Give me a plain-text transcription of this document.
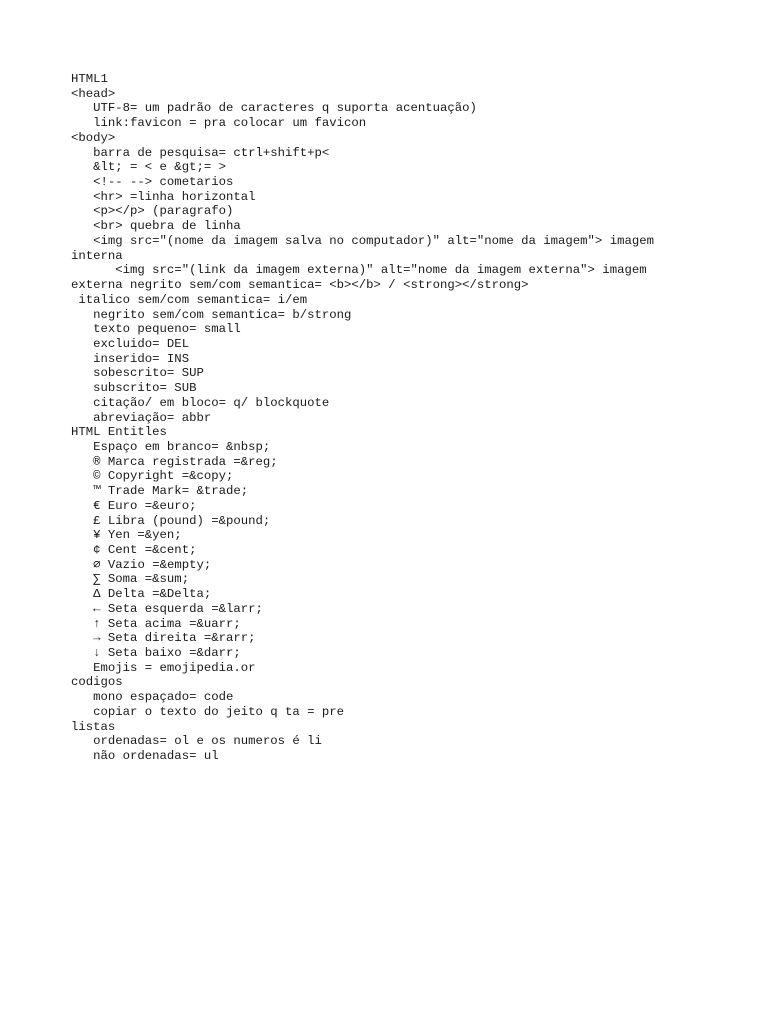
HTML1
<head>
UTF-8= um padrão de caracteres q suporta acentuação)
link:favicon = pra colocar um favicon
<body>
barra de pesquisa= ctrl+shift+p<
&lt; = < e &gt;= >
<!-- --> cometarios
<hr> =linha horizontal
<p></p> (paragrafo)
<br> quebra de linha
<img src="(nome da imagem salva no computador)" alt="nome da imagem"> imagem
interna
<img src="(link da imagem externa)" alt="nome da imagem externa"> imagem
externa negrito sem/com semantica= <b></b> / <strong></strong>
italico sem/com semantica= i/em
negrito sem/com semantica= b/strong
texto pequeno= small
excluido= DEL
inserido= INS
sobescrito= SUP
subscrito= SUB
citação/ em bloco= q/ blockquote
abreviação= abbr
HTML Entitles
Espaço em branco= &nbsp;
® Marca registrada =&reg;
© Copyright =&copy;
™ Trade Mark= &trade;
€ Euro =&euro;
£ Libra (pound) =&pound;
¥ Yen =&yen;
¢ Cent =&cent;
⌀ Vazio =&empty;
∑ Soma =&sum;
Δ Delta =&Delta;
← Seta esquerda =&larr;
↑ Seta acima =&uarr;
→ Seta direita =&rarr;
↓ Seta baixo =&darr;
Emojis = emojipedia.or
codigos
mono espaçado= code
copiar o texto do jeito q ta = pre
listas
ordenadas= ol e os numeros é li
não ordenadas= ul
